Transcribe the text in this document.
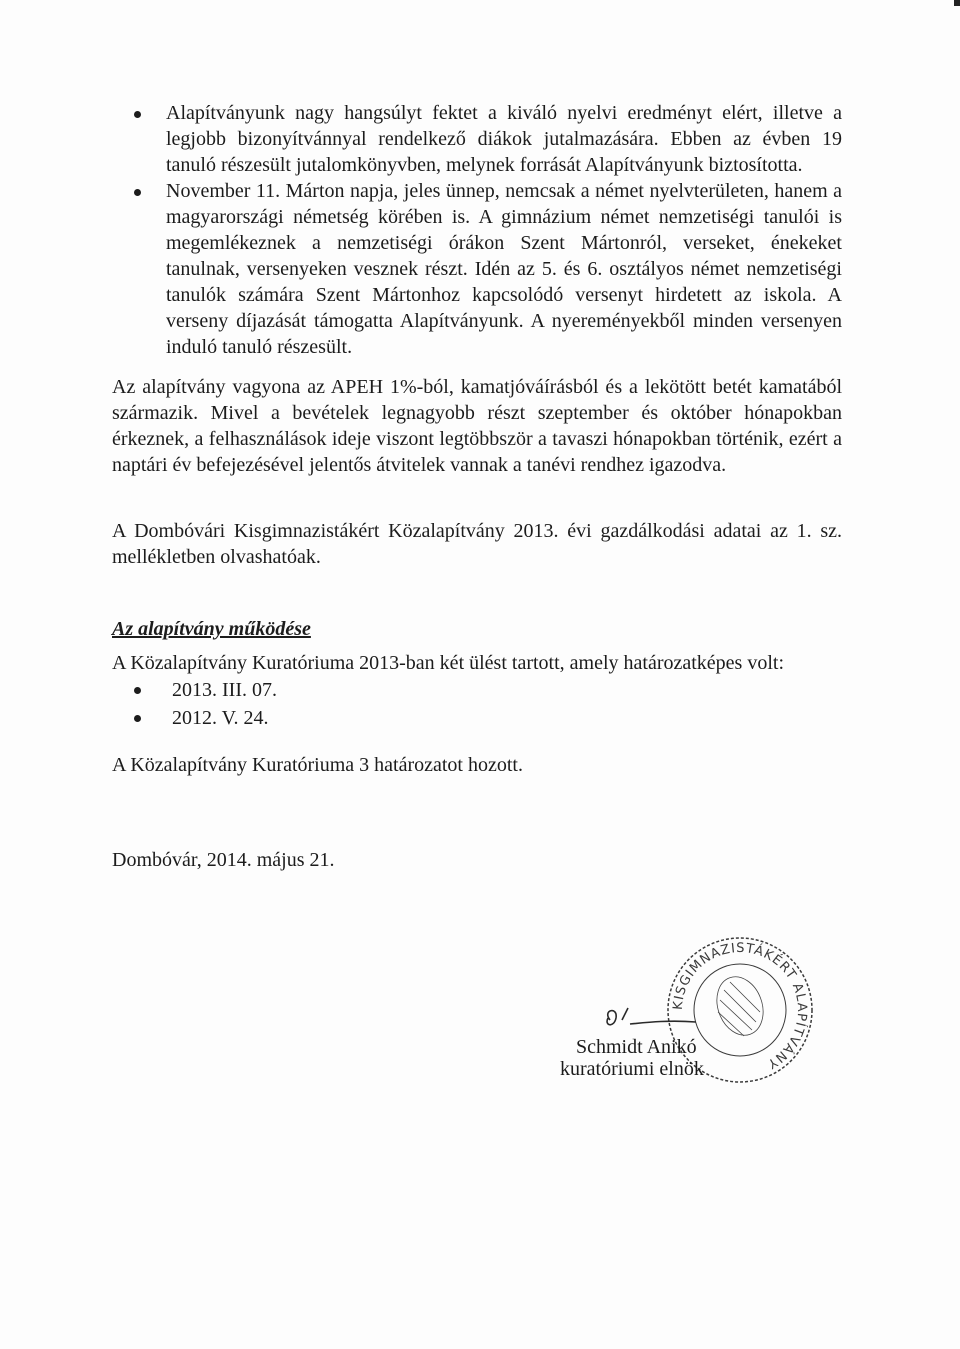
Alapítványunk nagy hangsúlyt fektet a kiváló nyelvi eredményt elért, illetve a legjobb bizonyítvánnyal rendelkező diákok jutalmazására. Ebben az évben 19 tanuló részesült jutalomkönyvben, melynek forrását Alapítványunk biztosította.
November 11. Márton napja, jeles ünnep, nemcsak a német nyelvterületen, hanem a magyarországi németség körében is. A gimnázium német nemzetiségi tanulói is megemlékeznek a nemzetiségi órákon Szent Mártonról, verseket, énekeket tanulnak, versenyeken vesznek részt. Idén az 5. és 6. osztályos német nemzetiségi tanulók számára Szent Mártonhoz kapcsolódó versenyt hirdetett az iskola. A verseny díjazását támogatta Alapítványunk. A nyereményekből minden versenyen induló tanuló részesült.
Az alapítvány vagyona az APEH 1%-ból, kamatjóváírásból és a lekötött betét kamatából származik. Mivel a bevételek legnagyobb részt szeptember és október hónapokban érkeznek, a felhasználások ideje viszont legtöbbször a tavaszi hónapokban történik, ezért a naptári év befejezésével jelentős átvitelek vannak a tanévi rendhez igazodva.
A Dombóvári Kisgimnazistákért Közalapítvány 2013. évi gazdálkodási adatai az 1. sz. mellékletben olvashatóak.
Az alapítvány működése
A Közalapítvány Kuratóriuma 2013-ban két ülést tartott, amely határozatképes volt:
2013. III. 07.
2012. V. 24.
A Közalapítvány Kuratóriuma 3 határozatot hozott.
Dombóvár, 2014. május 21.
KISGIMNAZISTÁKÉRT ALAPÍTVÁNY
Schmidt Anikó
kuratóriumi elnök
